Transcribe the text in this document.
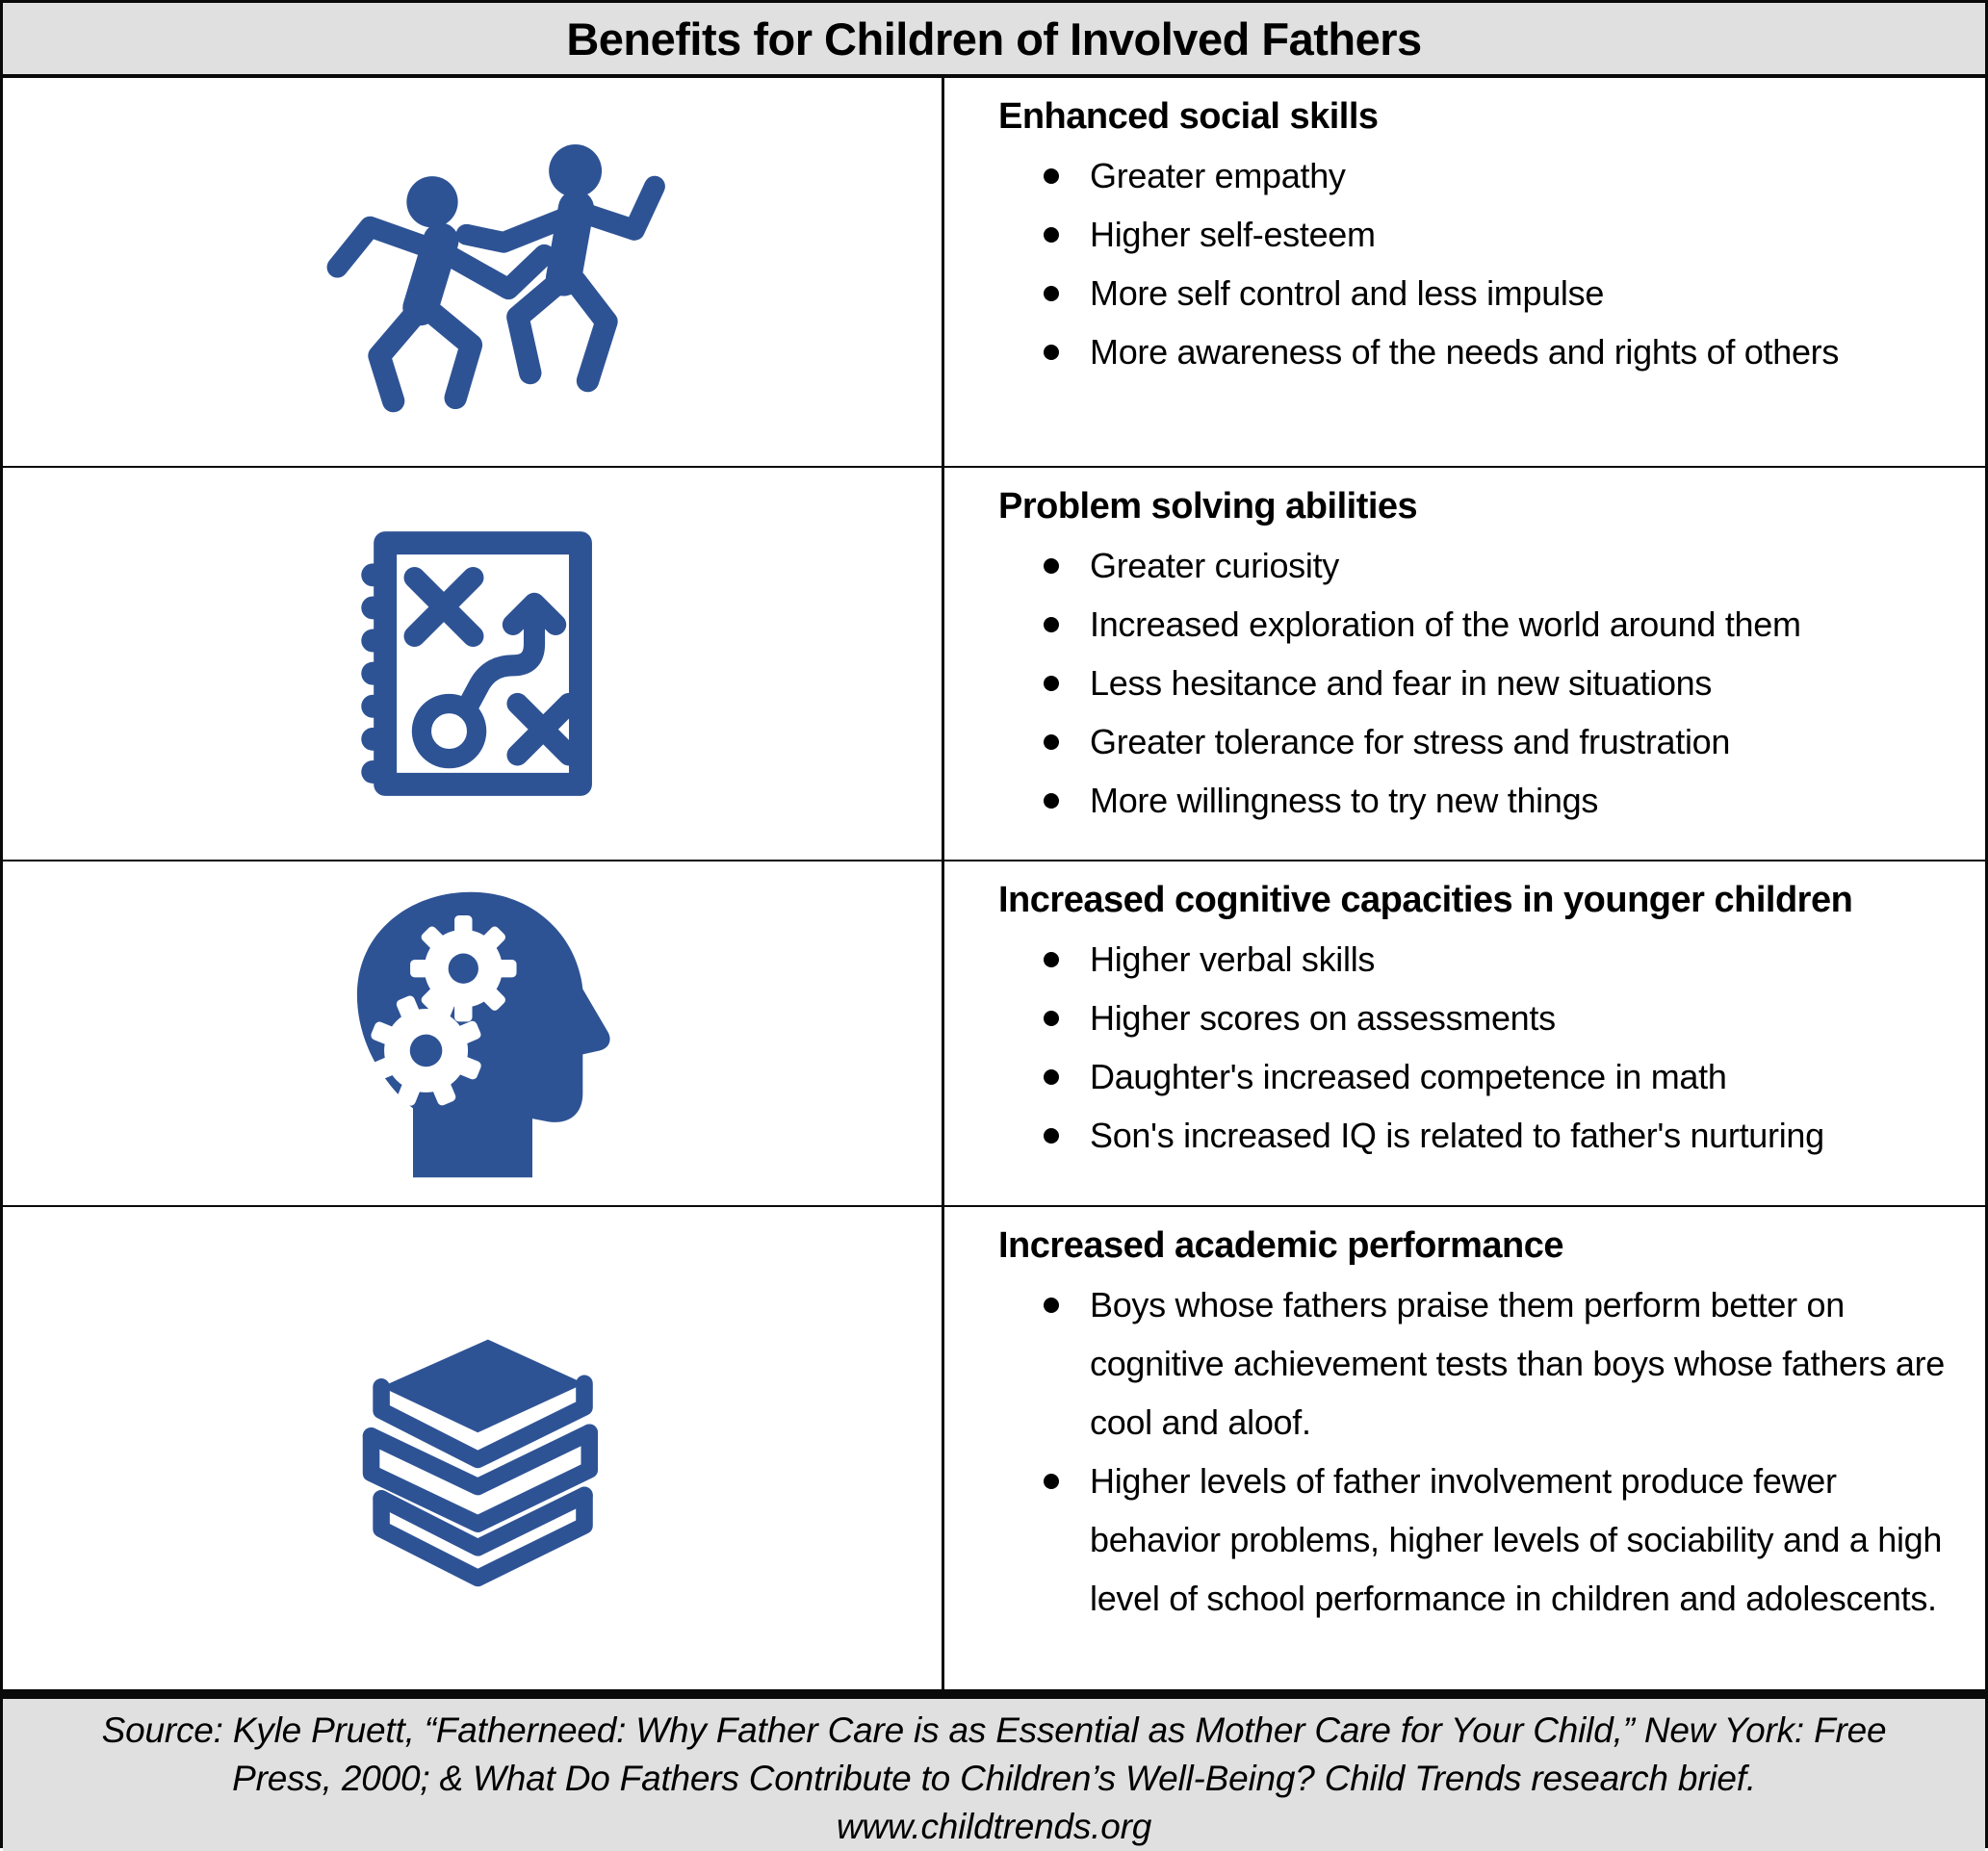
Benefits for Children of Involved Fathers
Enhanced social skills
Greater empathy
Higher self-esteem
More self control and less impulse
More awareness of the needs and rights of others
Problem solving abilities
Greater curiosity
Increased exploration of the world around them
Less hesitance and fear in new situations
Greater tolerance for stress and frustration
More willingness to try new things
Increased cognitive capacities in younger children
Higher verbal skills
Higher scores on assessments
Daughter's increased competence in math
Son's increased IQ is related to father's nurturing
Increased academic performance
Boys whose fathers praise them perform better on cognitive achievement tests than boys whose fathers are cool and aloof.
Higher levels of father involvement produce fewer behavior problems, higher levels of sociability and a high level of school performance in children and adolescents.
Source: Kyle Pruett, “Fatherneed: Why Father Care is as Essential as Mother Care for Your Child,” New York: Free Press, 2000; & What Do Fathers Contribute to Children’s Well-Being? Child Trends research brief.
www.childtrends.org
